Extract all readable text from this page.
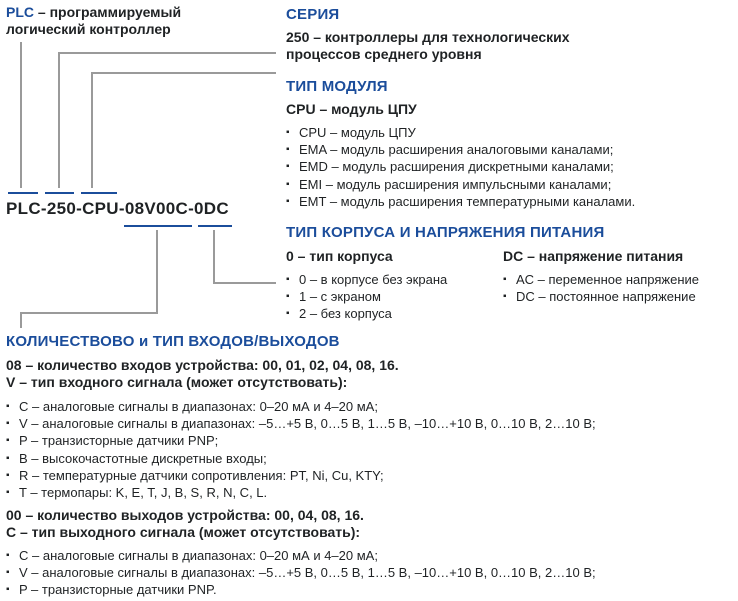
PLC – программируемый
логический контроллер
СЕРИЯ
250 – контроллеры для технологических
процессов среднего уровня
ТИП МОДУЛЯ
CPU – модуль ЦПУ
▪ CPU – модуль ЦПУ
▪ EMA – модуль расширения аналоговыми каналами;
▪ EMD – модуль расширения дискретными каналами;
▪ EMI – модуль расширения импульсными каналами;
▪ EMT – модуль расширения температурными каналами.
PLC-250-CPU-08V00C-0DC
ТИП КОРПУСА И НАПРЯЖЕНИЯ ПИТАНИЯ
0 – тип корпуса
▪ 0 – в корпусе без экрана
▪ 1 – с экраном
▪ 2 – без корпуса
DC – напряжение питания
▪ AC – переменное напряжение
▪ DC – постоянное напряжение
КОЛИЧЕСТВОВО и ТИП ВХОДОВ/ВЫХОДОВ
08 – количество входов устройства: 00, 01, 02, 04, 08, 16.
V – тип входного сигнала (может отсутствовать):
▪ C – аналоговые сигналы в диапазонах: 0–20 мА и 4–20 мА;
▪ V – аналоговые сигналы в диапазонах: –5…+5 В, 0…5 В, 1…5 В, –10…+10 В, 0…10 В, 2…10 В;
▪ P – транзисторные датчики PNP;
▪ B – высокочастотные дискретные входы;
▪ R – температурные датчики сопротивления: PT, Ni, Cu, KTY;
▪ T – термопары: K, E, T, J, B, S, R, N, C, L.
00 – количество выходов устройства: 00, 04, 08, 16.
C – тип выходного сигнала (может отсутствовать):
▪ C – аналоговые сигналы в диапазонах: 0–20 мА и 4–20 мА;
▪ V – аналоговые сигналы в диапазонах: –5…+5 В, 0…5 В, 1…5 В, –10…+10 В, 0…10 В, 2…10 В;
▪ P – транзисторные датчики PNP.
